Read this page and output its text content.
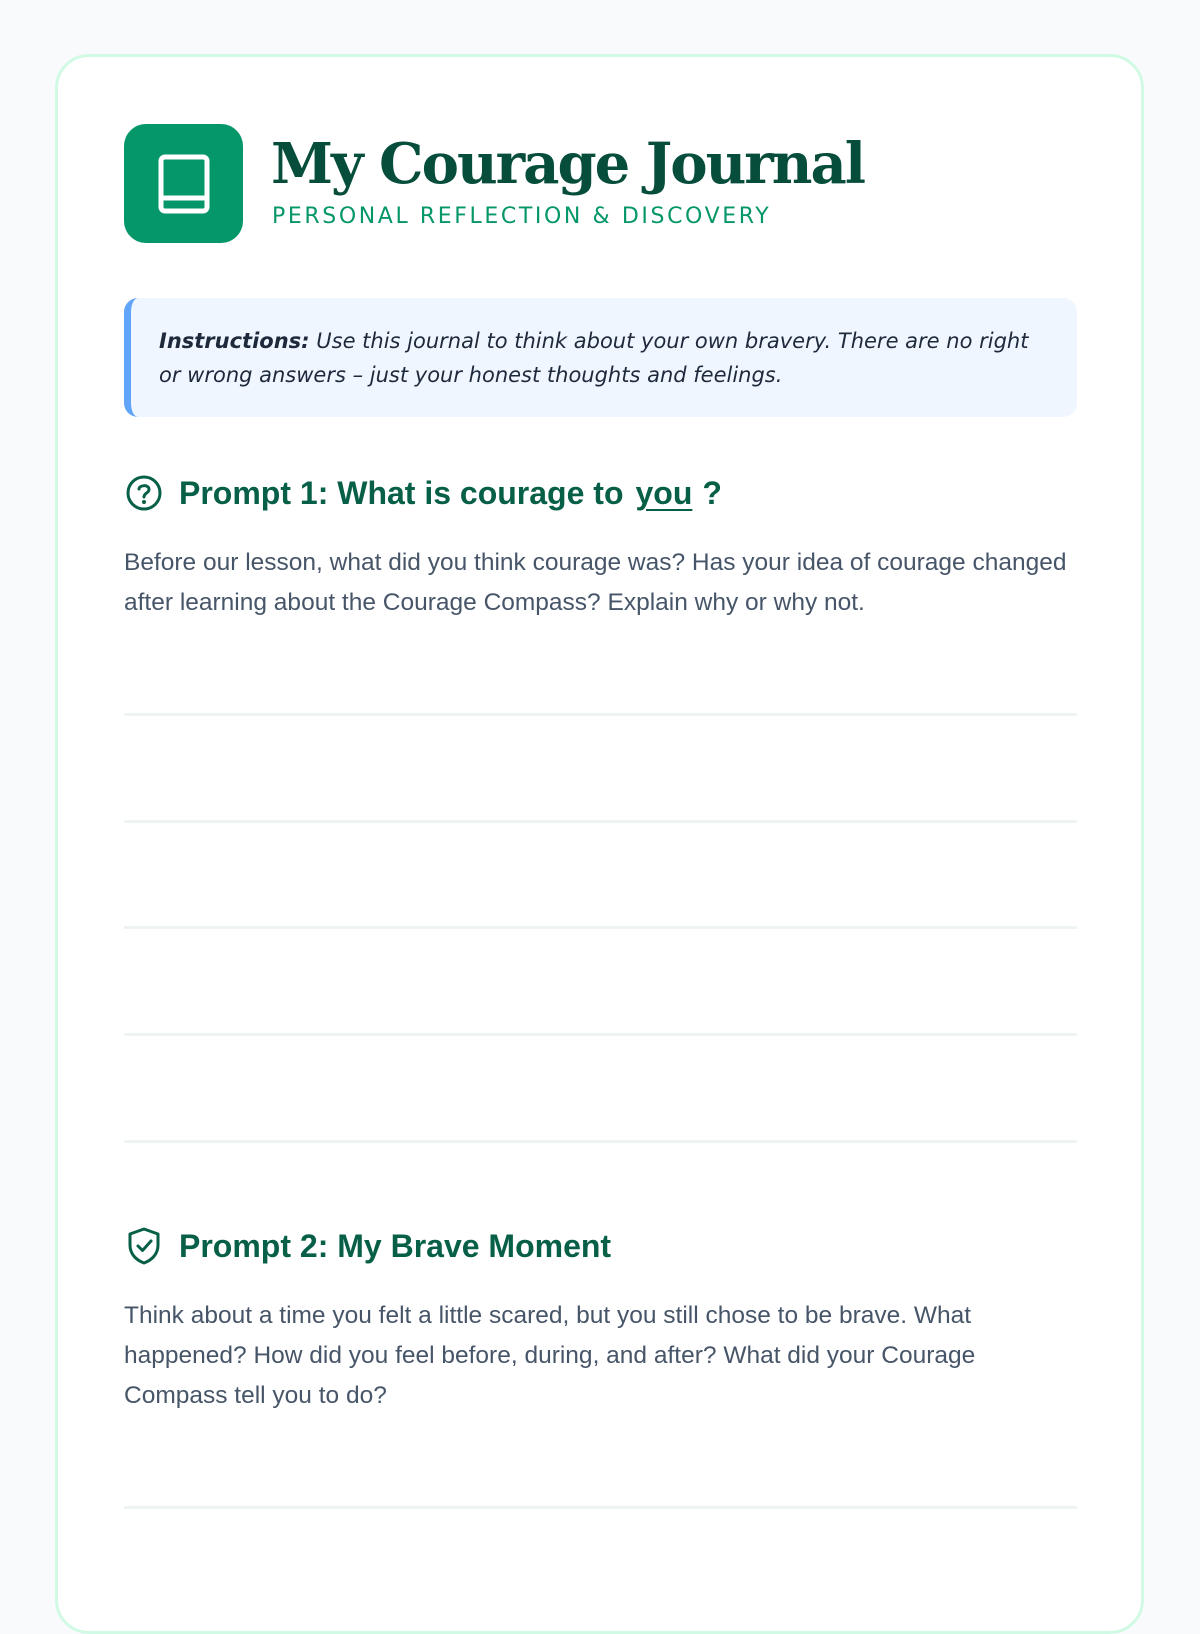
My Courage Journal
PERSONAL REFLECTION & DISCOVERY
Instructions: Use this journal to think about your own bravery. There are no right or wrong answers – just your honest thoughts and feelings.
Prompt 1: What is courage to you ?
Before our lesson, what did you think courage was? Has your idea of courage changed after learning about the Courage Compass? Explain why or why not.
Prompt 2: My Brave Moment
Think about a time you felt a little scared, but you still chose to be brave. What happened? How did you feel before, during, and after? What did your Courage Compass tell you to do?
